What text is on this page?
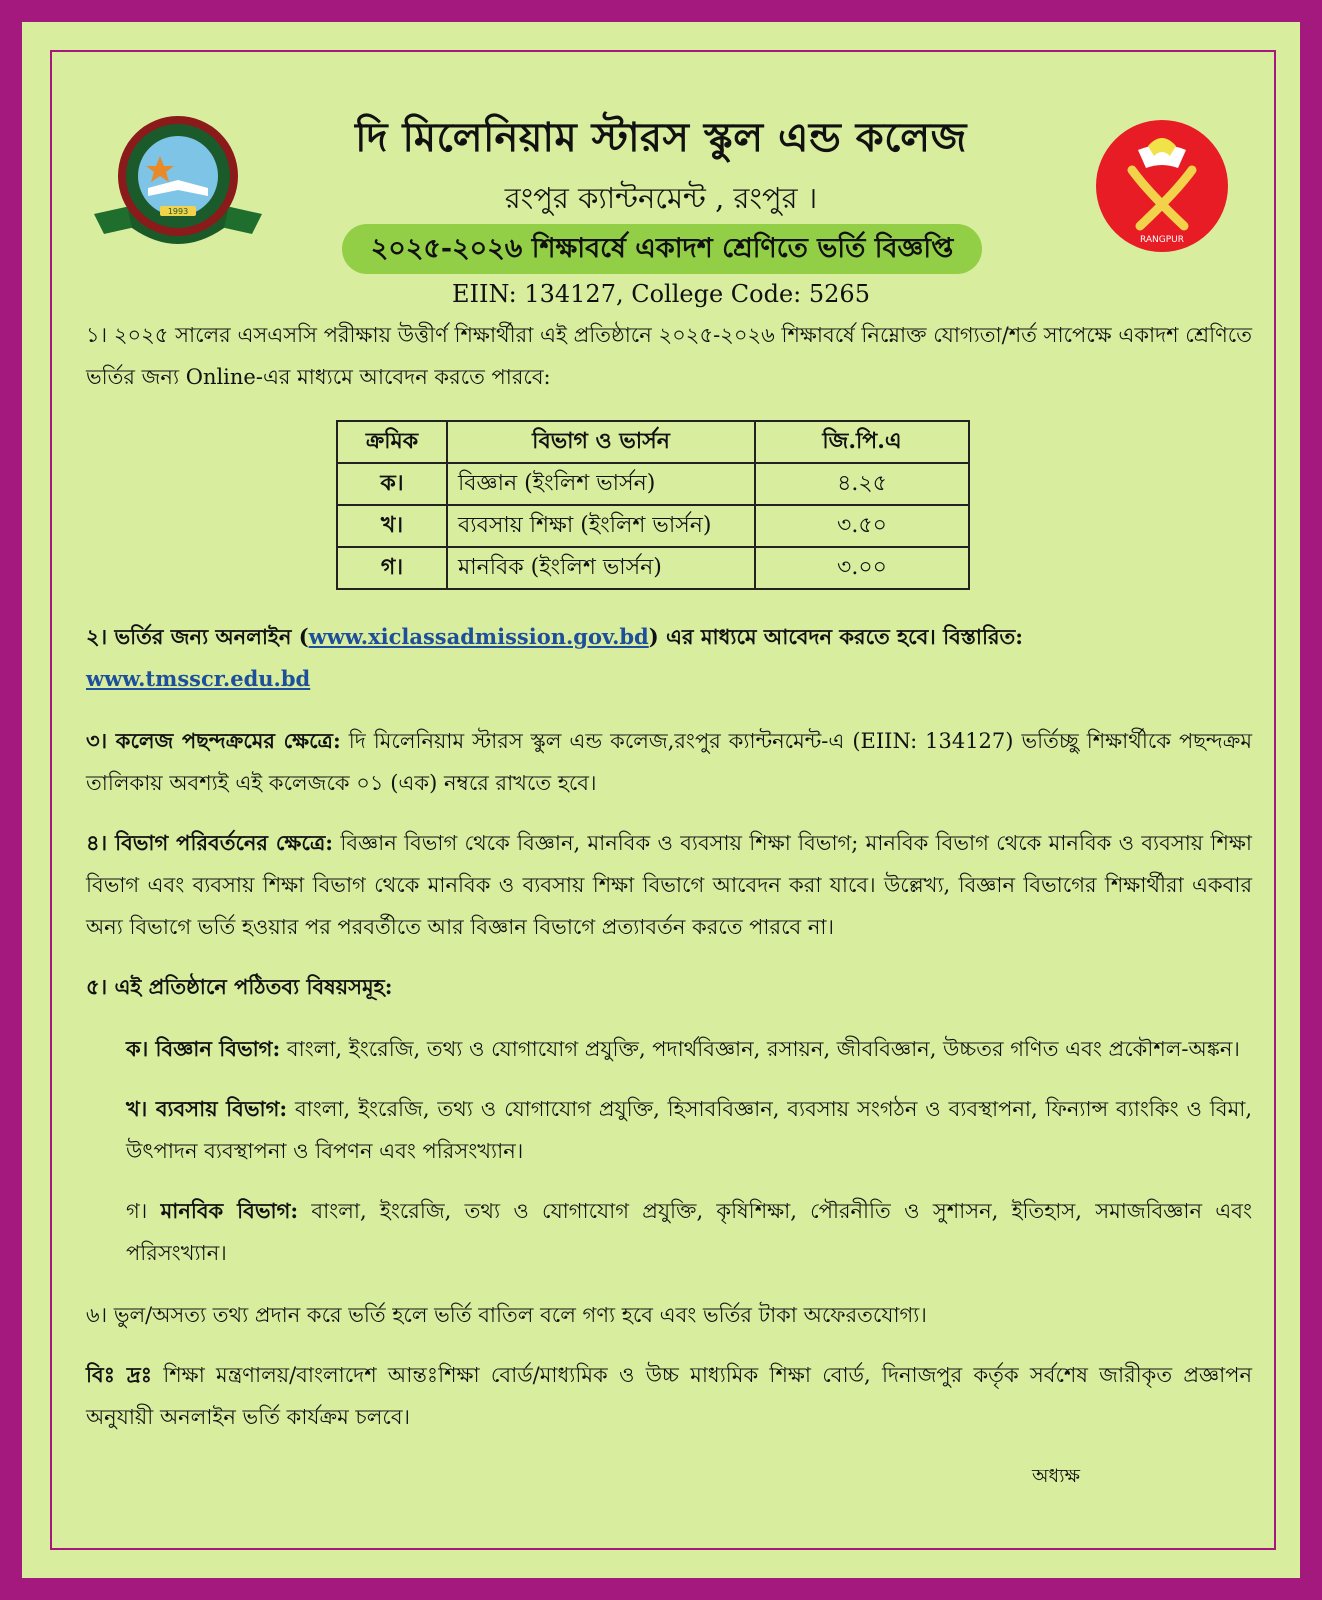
1993
RANGPUR
দি মিলেনিয়াম স্টারস স্কুল এন্ড কলেজ
রংপুর ক্যান্টনমেন্ট , রংপুর ।
২০২৫-২০২৬ শিক্ষাবর্ষে একাদশ শ্রেণিতে ভর্তি বিজ্ঞপ্তি
EIIN: 134127, College Code: 5265
১। ২০২৫ সালের এসএসসি পরীক্ষায় উত্তীর্ণ শিক্ষার্থীরা এই প্রতিষ্ঠানে ২০২৫-২০২৬ শিক্ষাবর্ষে নিম্নোক্ত যোগ্যতা/শর্ত সাপেক্ষে একাদশ শ্রেণিতে ভর্তির জন্য Online-এর মাধ্যমে আবেদন করতে পারবে:
ক্রমিক	বিভাগ ও ভার্সন	জি.পি.এ
ক।	বিজ্ঞান (ইংলিশ ভার্সন)	৪.২৫
খ।	ব্যবসায় শিক্ষা (ইংলিশ ভার্সন)	৩.৫০
গ।	মানবিক (ইংলিশ ভার্সন)	৩.০০
২। ভর্তির জন্য অনলাইন (www.xiclassadmission.gov.bd) এর মাধ্যমে আবেদন করতে হবে। বিস্তারিত:
www.tmsscr.edu.bd
৩। কলেজ পছন্দক্রমের ক্ষেত্রে: দি মিলেনিয়াম স্টারস স্কুল এন্ড কলেজ,রংপুর ক্যান্টনমেন্ট-এ (EIIN: 134127) ভর্তিচ্ছু শিক্ষার্থীকে পছন্দক্রম তালিকায় অবশ্যই এই কলেজকে ০১ (এক) নম্বরে রাখতে হবে।
৪। বিভাগ পরিবর্তনের ক্ষেত্রে: বিজ্ঞান বিভাগ থেকে বিজ্ঞান, মানবিক ও ব্যবসায় শিক্ষা বিভাগ; মানবিক বিভাগ থেকে মানবিক ও ব্যবসায় শিক্ষা বিভাগ এবং ব্যবসায় শিক্ষা বিভাগ থেকে মানবিক ও ব্যবসায় শিক্ষা বিভাগে আবেদন করা যাবে। উল্লেখ্য, বিজ্ঞান বিভাগের শিক্ষার্থীরা একবার অন্য বিভাগে ভর্তি হওয়ার পর পরবর্তীতে আর বিজ্ঞান বিভাগে প্রত্যাবর্তন করতে পারবে না।
৫। এই প্রতিষ্ঠানে পঠিতব্য বিষয়সমূহ:
ক। বিজ্ঞান বিভাগ: বাংলা, ইংরেজি, তথ্য ও যোগাযোগ প্রযুক্তি, পদার্থবিজ্ঞান, রসায়ন, জীববিজ্ঞান, উচ্চতর গণিত এবং প্রকৌশল-অঙ্কন।
খ। ব্যবসায় বিভাগ: বাংলা, ইংরেজি, তথ্য ও যোগাযোগ প্রযুক্তি, হিসাববিজ্ঞান, ব্যবসায় সংগঠন ও ব্যবস্থাপনা, ফিন্যান্স ব্যাংকিং ও বিমা, উৎপাদন ব্যবস্থাপনা ও বিপণন এবং পরিসংখ্যান।
গ। মানবিক বিভাগ: বাংলা, ইংরেজি, তথ্য ও যোগাযোগ প্রযুক্তি, কৃষিশিক্ষা, পৌরনীতি ও সুশাসন, ইতিহাস, সমাজবিজ্ঞান এবং পরিসংখ্যান।
৬। ভুল/অসত্য তথ্য প্রদান করে ভর্তি হলে ভর্তি বাতিল বলে গণ্য হবে এবং ভর্তির টাকা অফেরতযোগ্য।
বিঃ দ্রঃ শিক্ষা মন্ত্রণালয়/বাংলাদেশ আন্তঃশিক্ষা বোর্ড/মাধ্যমিক ও উচ্চ মাধ্যমিক শিক্ষা বোর্ড, দিনাজপুর কর্তৃক সর্বশেষ জারীকৃত প্রজ্ঞাপন অনুযায়ী অনলাইন ভর্তি কার্যক্রম চলবে।
অধ্যক্ষ
